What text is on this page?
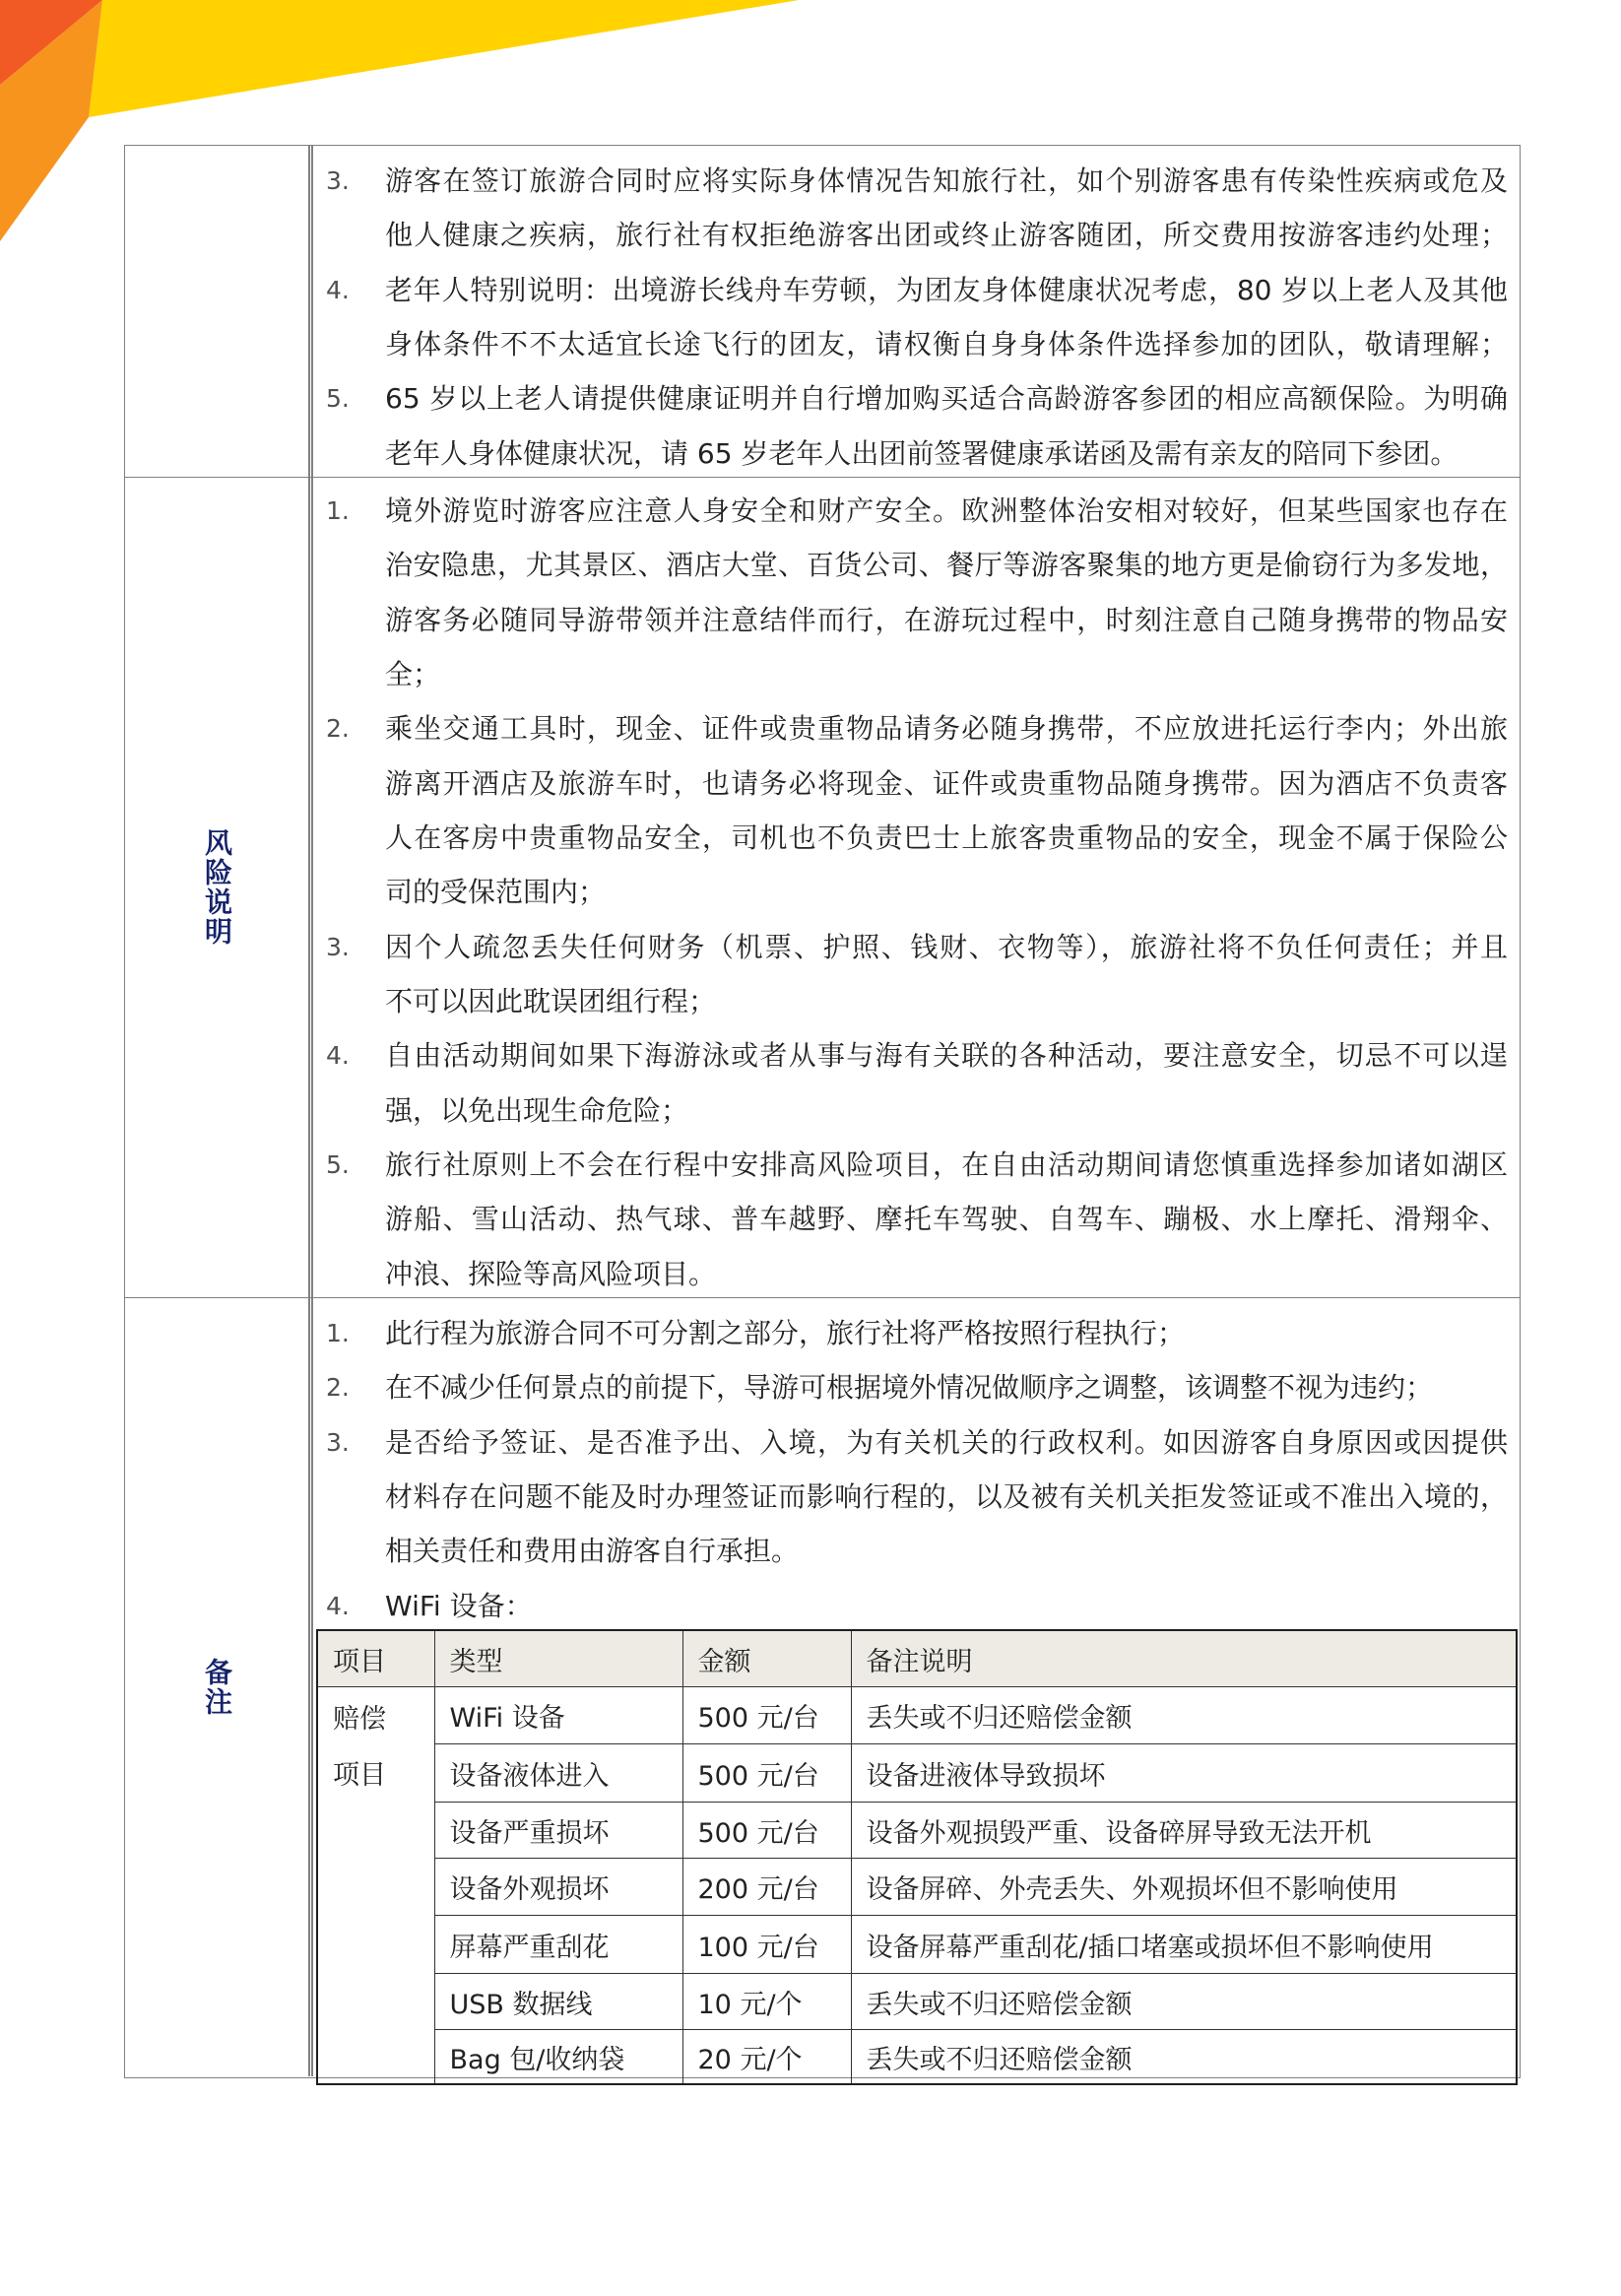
3. 游客在签订旅游合同时应将实际身体情况告知旅行社，如个别游客患有传染性疾病或危及
他人健康之疾病，旅行社有权拒绝游客出团或终止游客随团，所交费用按游客违约处理；
4. 老年人特别说明：出境游长线舟车劳顿，为团友身体健康状况考虑，80 岁以上老人及其他
身体条件不不太适宜长途飞行的团友，请权衡自身身体条件选择参加的团队，敬请理解；
5. 65 岁以上老人请提供健康证明并自行增加购买适合高龄游客参团的相应高额保险。为明确
老年人身体健康状况，请 65 岁老年人出团前签署健康承诺函及需有亲友的陪同下参团。
风险说明
1. 境外游览时游客应注意人身安全和财产安全。欧洲整体治安相对较好，但某些国家也存在
治安隐患，尤其景区、酒店大堂、百货公司、餐厅等游客聚集的地方更是偷窃行为多发地，
游客务必随同导游带领并注意结伴而行，在游玩过程中，时刻注意自己随身携带的物品安
全；
2. 乘坐交通工具时，现金、证件或贵重物品请务必随身携带，不应放进托运行李内；外出旅
游离开酒店及旅游车时，也请务必将现金、证件或贵重物品随身携带。因为酒店不负责客
人在客房中贵重物品安全，司机也不负责巴士上旅客贵重物品的安全，现金不属于保险公
司的受保范围内；
3. 因个人疏忽丢失任何财务（机票、护照、钱财、衣物等），旅游社将不负任何责任；并且
不可以因此耽误团组行程；
4. 自由活动期间如果下海游泳或者从事与海有关联的各种活动，要注意安全，切忌不可以逞
强，以免出现生命危险；
5. 旅行社原则上不会在行程中安排高风险项目，在自由活动期间请您慎重选择参加诸如湖区
游船、雪山活动、热气球、普车越野、摩托车驾驶、自驾车、蹦极、水上摩托、滑翔伞、
冲浪、探险等高风险项目。
备注
1. 此行程为旅游合同不可分割之部分，旅行社将严格按照行程执行；
2. 在不减少任何景点的前提下，导游可根据境外情况做顺序之调整，该调整不视为违约；
3. 是否给予签证、是否准予出、入境，为有关机关的行政权利。如因游客自身原因或因提供
材料存在问题不能及时办理签证而影响行程的，以及被有关机关拒发签证或不准出入境的，
相关责任和费用由游客自行承担。
4. WiFi 设备：
项目	类型	金额	备注说明

赔偿项目	WiFi 设备	500 元/台	丢失或不归还赔偿金额
	设备液体进入	500 元/台	设备进液体导致损坏
	设备严重损坏	500 元/台	设备外观损毁严重、设备碎屏导致无法开机
	设备外观损坏	200 元/台	设备屏碎、外壳丢失、外观损坏但不影响使用
	屏幕严重刮花	100 元/台	设备屏幕严重刮花/插口堵塞或损坏但不影响使用
	USB 数据线	10 元/个	丢失或不归还赔偿金额
	Bag 包/收纳袋	20 元/个	丢失或不归还赔偿金额
